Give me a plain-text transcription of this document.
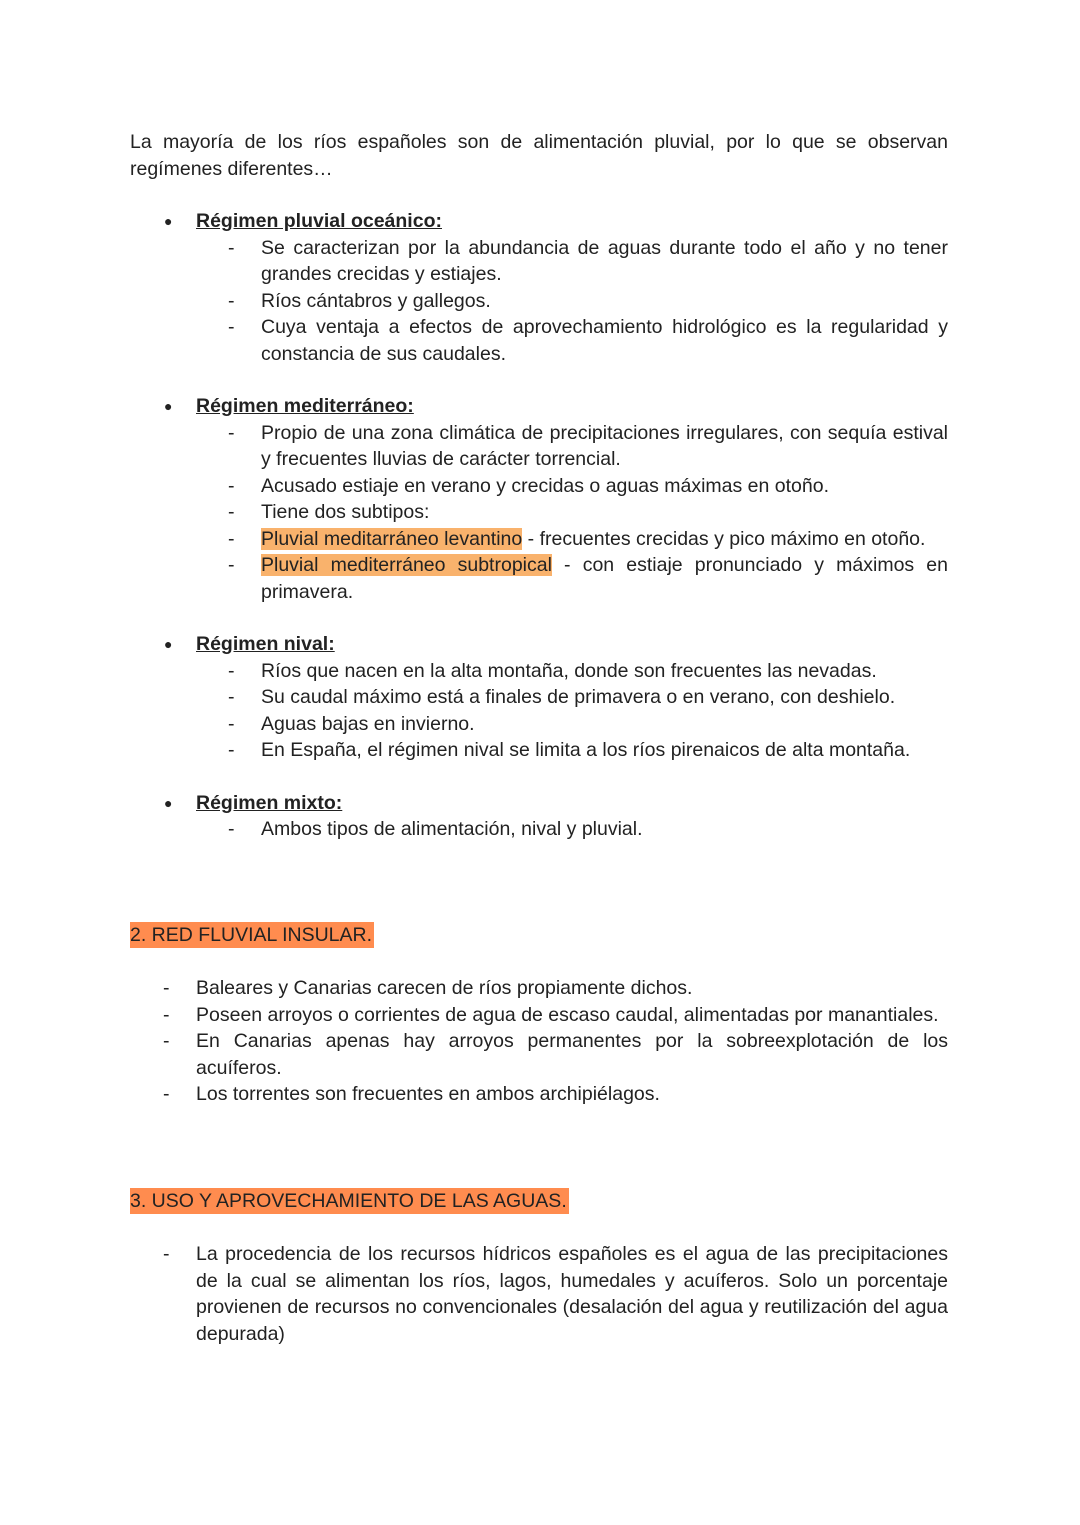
La mayoría de los ríos españoles son de alimentación pluvial, por lo que se observan regímenes diferentes…

● Régimen pluvial oceánico:
- Se caracterizan por la abundancia de aguas durante todo el año y no tener grandes crecidas y estiajes.
- Ríos cántabros y gallegos.
- Cuya ventaja a efectos de aprovechamiento hidrológico es la regularidad y constancia de sus caudales.
● Régimen mediterráneo:
- Propio de una zona climática de precipitaciones irregulares, con sequía estival y frecuentes lluvias de carácter torrencial.
- Acusado estiaje en verano y crecidas o aguas máximas en otoño.
- Tiene dos subtipos:
- Pluvial meditarráneo levantino - frecuentes crecidas y pico máximo en otoño.
- Pluvial mediterráneo subtropical - con estiaje pronunciado y máximos en primavera.
● Régimen nival:
- Ríos que nacen en la alta montaña, donde son frecuentes las nevadas.
- Su caudal máximo está a finales de primavera o en verano, con deshielo.
- Aguas bajas en invierno.
- En España, el régimen nival se limita a los ríos pirenaicos de alta montaña.
● Régimen mixto:
- Ambos tipos de alimentación, nival y pluvial.
2. RED FLUVIAL INSULAR.
- Baleares y Canarias carecen de ríos propiamente dichos.
- Poseen arroyos o corrientes de agua de escaso caudal, alimentadas por manantiales.
- En Canarias apenas hay arroyos permanentes por la sobreexplotación de los acuíferos.
- Los torrentes son frecuentes en ambos archipiélagos.
3. USO Y APROVECHAMIENTO DE LAS AGUAS.
- La procedencia de los recursos hídricos españoles es el agua de las precipitaciones de la cual se alimentan los ríos, lagos, humedales y acuíferos. Solo un porcentaje provienen de recursos no convencionales (desalación del agua y reutilización del agua depurada)
